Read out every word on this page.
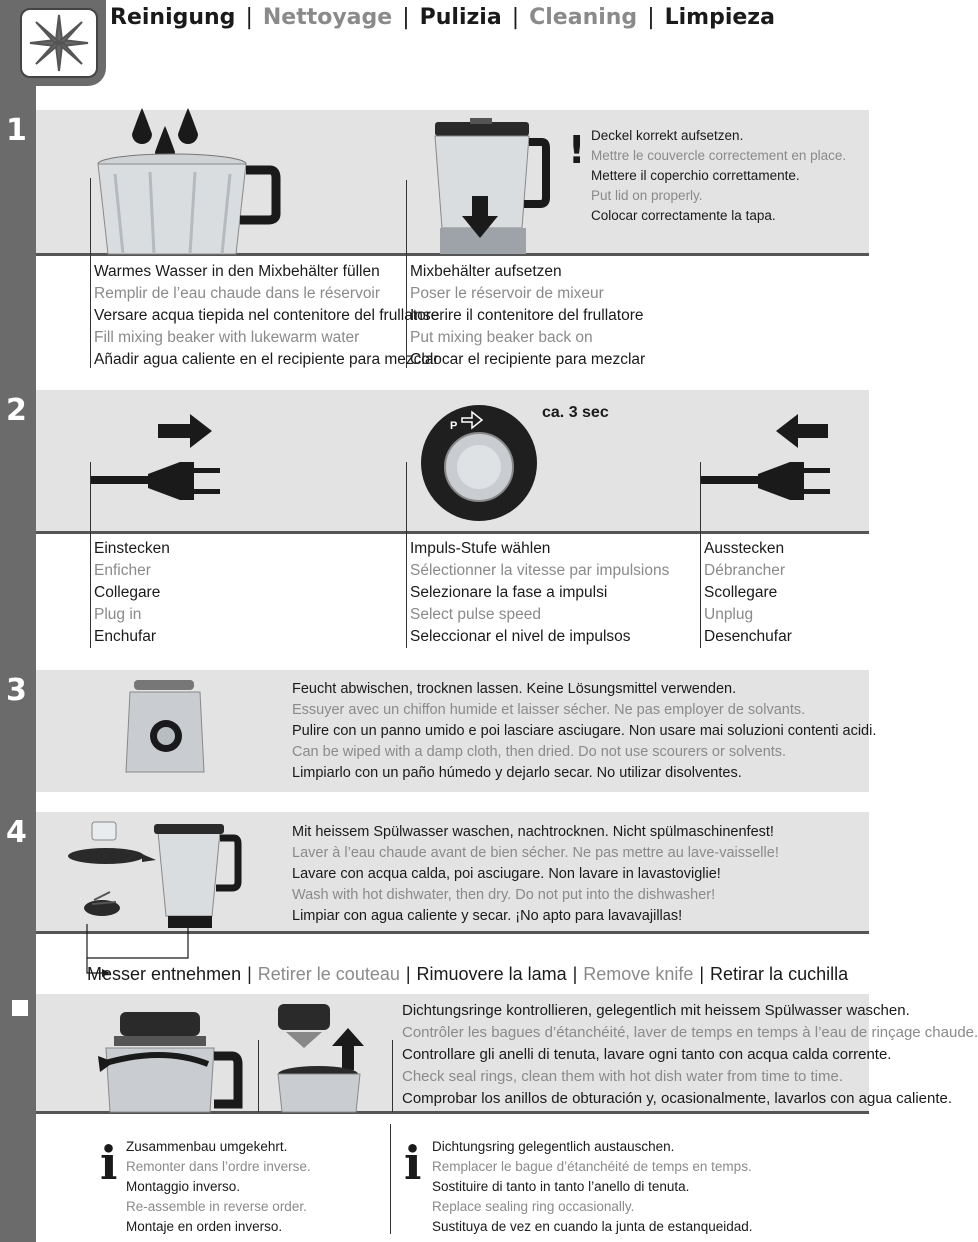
1
2
3
4
Reinigung | Nettoyage | Pulizia | Cleaning | Limpieza
! Deckel korrekt aufsetzen.
Mettre le couvercle correctement en place.
Mettere il coperchio correttamente.
Put lid on properly.
Colocar correctamente la tapa.
Warmes Wasser in den Mixbehälter füllen
Remplir de l’eau chaude dans le réservoir
Versare acqua tiepida nel contenitore del frullatore
Fill mixing beaker with lukewarm water
Añadir agua caliente en el recipiente para mezclar
Mixbehälter aufsetzen
Poser le réservoir de mixeur
Inserire il contenitore del frullatore
Put mixing beaker back on
Colocar el recipiente para mezclar
P
ca. 3 sec
Einstecken
Enficher
Collegare
Plug in
Enchufar
Impuls-Stufe wählen
Sélectionner la vitesse par impulsions
Selezionare la fase a impulsi
Select pulse speed
Seleccionar el nivel de impulsos
Ausstecken
Débrancher
Scollegare
Unplug
Desenchufar
Feucht abwischen, trocknen lassen. Keine Lösungsmittel verwenden.
Essuyer avec un chiffon humide et laisser sécher. Ne pas employer de solvants.
Pulire con un panno umido e poi lasciare asciugare. Non usare mai soluzioni contenti acidi.
Can be wiped with a damp cloth, then dried. Do not use scourers or solvents.
Limpiarlo con un paño húmedo y dejarlo secar. No utilizar disolventes.
Mit heissem Spülwasser waschen, nachtrocknen. Nicht spülmaschinenfest!
Laver à l’eau chaude avant de bien sécher. Ne pas mettre au lave-vaisselle!
Lavare con acqua calda, poi asciugare. Non lavare in lavastoviglie!
Wash with hot dishwater, then dry. Do not put into the dishwasher!
Limpiar con agua caliente y secar. ¡No apto para lavavajillas!
Messer entnehmen | Retirer le couteau | Rimuovere la lama | Remove knife | Retirar la cuchilla
Dichtungsringe kontrollieren, gelegentlich mit heissem Spülwasser waschen.
Contrôler les bagues d’étanchéité, laver de temps en temps à l’eau de rinçage chaude.
Controllare gli anelli di tenuta, lavare ogni tanto con acqua calda corrente.
Check seal rings, clean them with hot dish water from time to time.
Comprobar los anillos de obturación y, ocasionalmente, lavarlos con agua caliente.
i Zusammenbau umgekehrt.
Remonter dans l’ordre inverse.
Montaggio inverso.
Re-assemble in reverse order.
Montaje en orden inverso.
i Dichtungsring gelegentlich austauschen.
Remplacer le bague d’étanchéité de temps en temps.
Sostituire di tanto in tanto l’anello di tenuta.
Replace sealing ring occasionally.
Sustituya de vez en cuando la junta de estanqueidad.
